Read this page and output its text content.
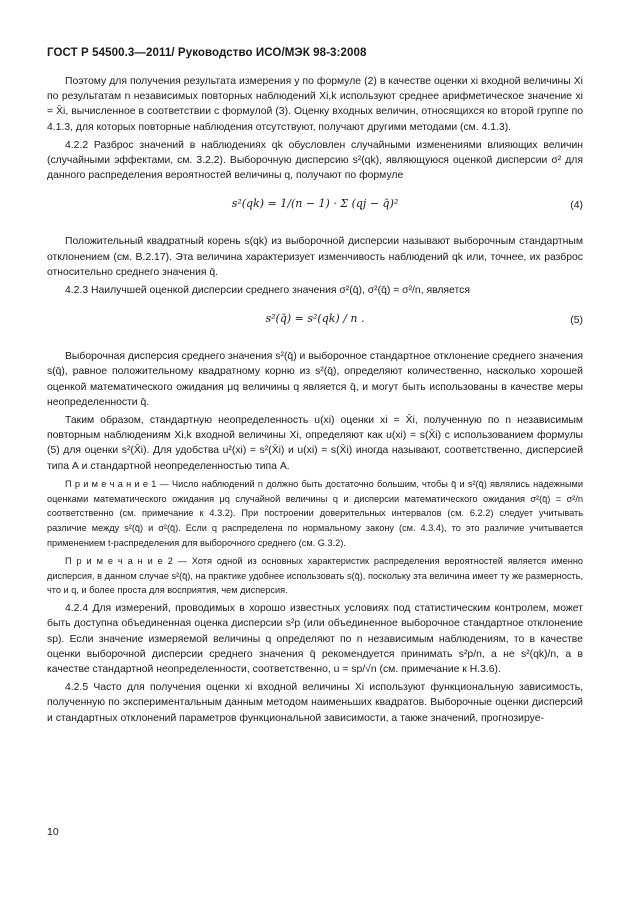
ГОСТ Р 54500.3—2011/ Руководство ИСО/МЭК 98-3:2008

Поэтому для получения результата измерения y по формуле (2) в качестве оценки xi входной величины Xi по результатам n независимых повторных наблюдений Xi,k используют среднее арифметическое значение xi = X̄i, вычисленное в соответствии с формулой (3). Оценку входных величин, относящихся ко второй группе по 4.1.3, для которых повторные наблюдения отсутствуют, получают другими методами (см. 4.1.3).

4.2.2 Разброс значений в наблюдениях qk обусловлен случайными изменениями влияющих величин (случайными эффектами, см. 3.2.2). Выборочную дисперсию s²(qk), являющуюся оценкой дисперсии σ² для данного распределения вероятностей величины q, получают по формуле

s²(qk) = 1/(n − 1) · Σ (qj − q̄)²	(4)

Положительный квадратный корень s(qk) из выборочной дисперсии называют выборочным стандартным отклонением (см. В.2.17). Эта величина характеризует изменчивость наблюдений qk или, точнее, их разброс относительно среднего значения q̄.

4.2.3 Наилучшей оценкой дисперсии среднего значения σ²(q̄), σ²(q̄) = σ²/n, является

s²(q̄) = s²(qk) / n .	(5)

Выборочная дисперсия среднего значения s²(q̄) и выборочное стандартное отклонение среднего значения s(q̄), равное положительному квадратному корню из s²(q̄), определяют количественно, насколько хорошей оценкой математического ожидания μq величины q является q̄, и могут быть использованы в качестве меры неопределенности q̄.

Таким образом, стандартную неопределенность u(xi) оценки xi = X̄i, полученную по n независимым повторным наблюдениям Xi,k входной величины Xi, определяют как u(xi) = s(X̄i) с использованием формулы (5) для оценки s²(X̄i). Для удобства u²(xi) = s²(X̄i) и u(xi) = s(X̄i) иногда называют, соответственно, дисперсией типа А и стандартной неопределенностью типа А.

П р и м е ч а н и е 1 — Число наблюдений n должно быть достаточно большим, чтобы q̄ и s²(q̄) являлись надежными оценками математического ожидания μq случайной величины q и дисперсии математического ожидания σ²(q̄) = σ²/n соответственно (см. примечание к 4.3.2). При построении доверительных интервалов (см. 6.2.2) следует учитывать различие между s²(q̄) и σ²(q̄). Если q распределена по нормальному закону (см. 4.3.4), то это различие учитывается применением t-распределения для выборочного среднего (см. G.3.2).

П р и м е ч а н и е 2 — Хотя одной из основных характеристик распределения вероятностей является именно дисперсия, в данном случае s²(q̄), на практике удобнее использовать s(q̄), поскольку эта величина имеет ту же размерность, что и q, и более проста для восприятия, чем дисперсия.

4.2.4 Для измерений, проводимых в хорошо известных условиях под статистическим контролем, может быть доступна объединенная оценка дисперсии s²p (или объединенное выборочное стандартное отклонение sp). Если значение измеряемой величины q определяют по n независимым наблюдениям, то в качестве оценки выборочной дисперсии среднего значения q̄ рекомендуется принимать s²p/n, а не s²(qk)/n, а в качестве стандартной неопределенности, соответственно, u = sp/√n (см. примечание к Н.3.6).

4.2.5 Часто для получения оценки xi входной величины Xi используют функциональную зависимость, полученную по экспериментальным данным методом наименьших квадратов. Выборочные оценки дисперсий и стандартных отклонений параметров функциональной зависимости, а также значений, прогнозируе-

10
